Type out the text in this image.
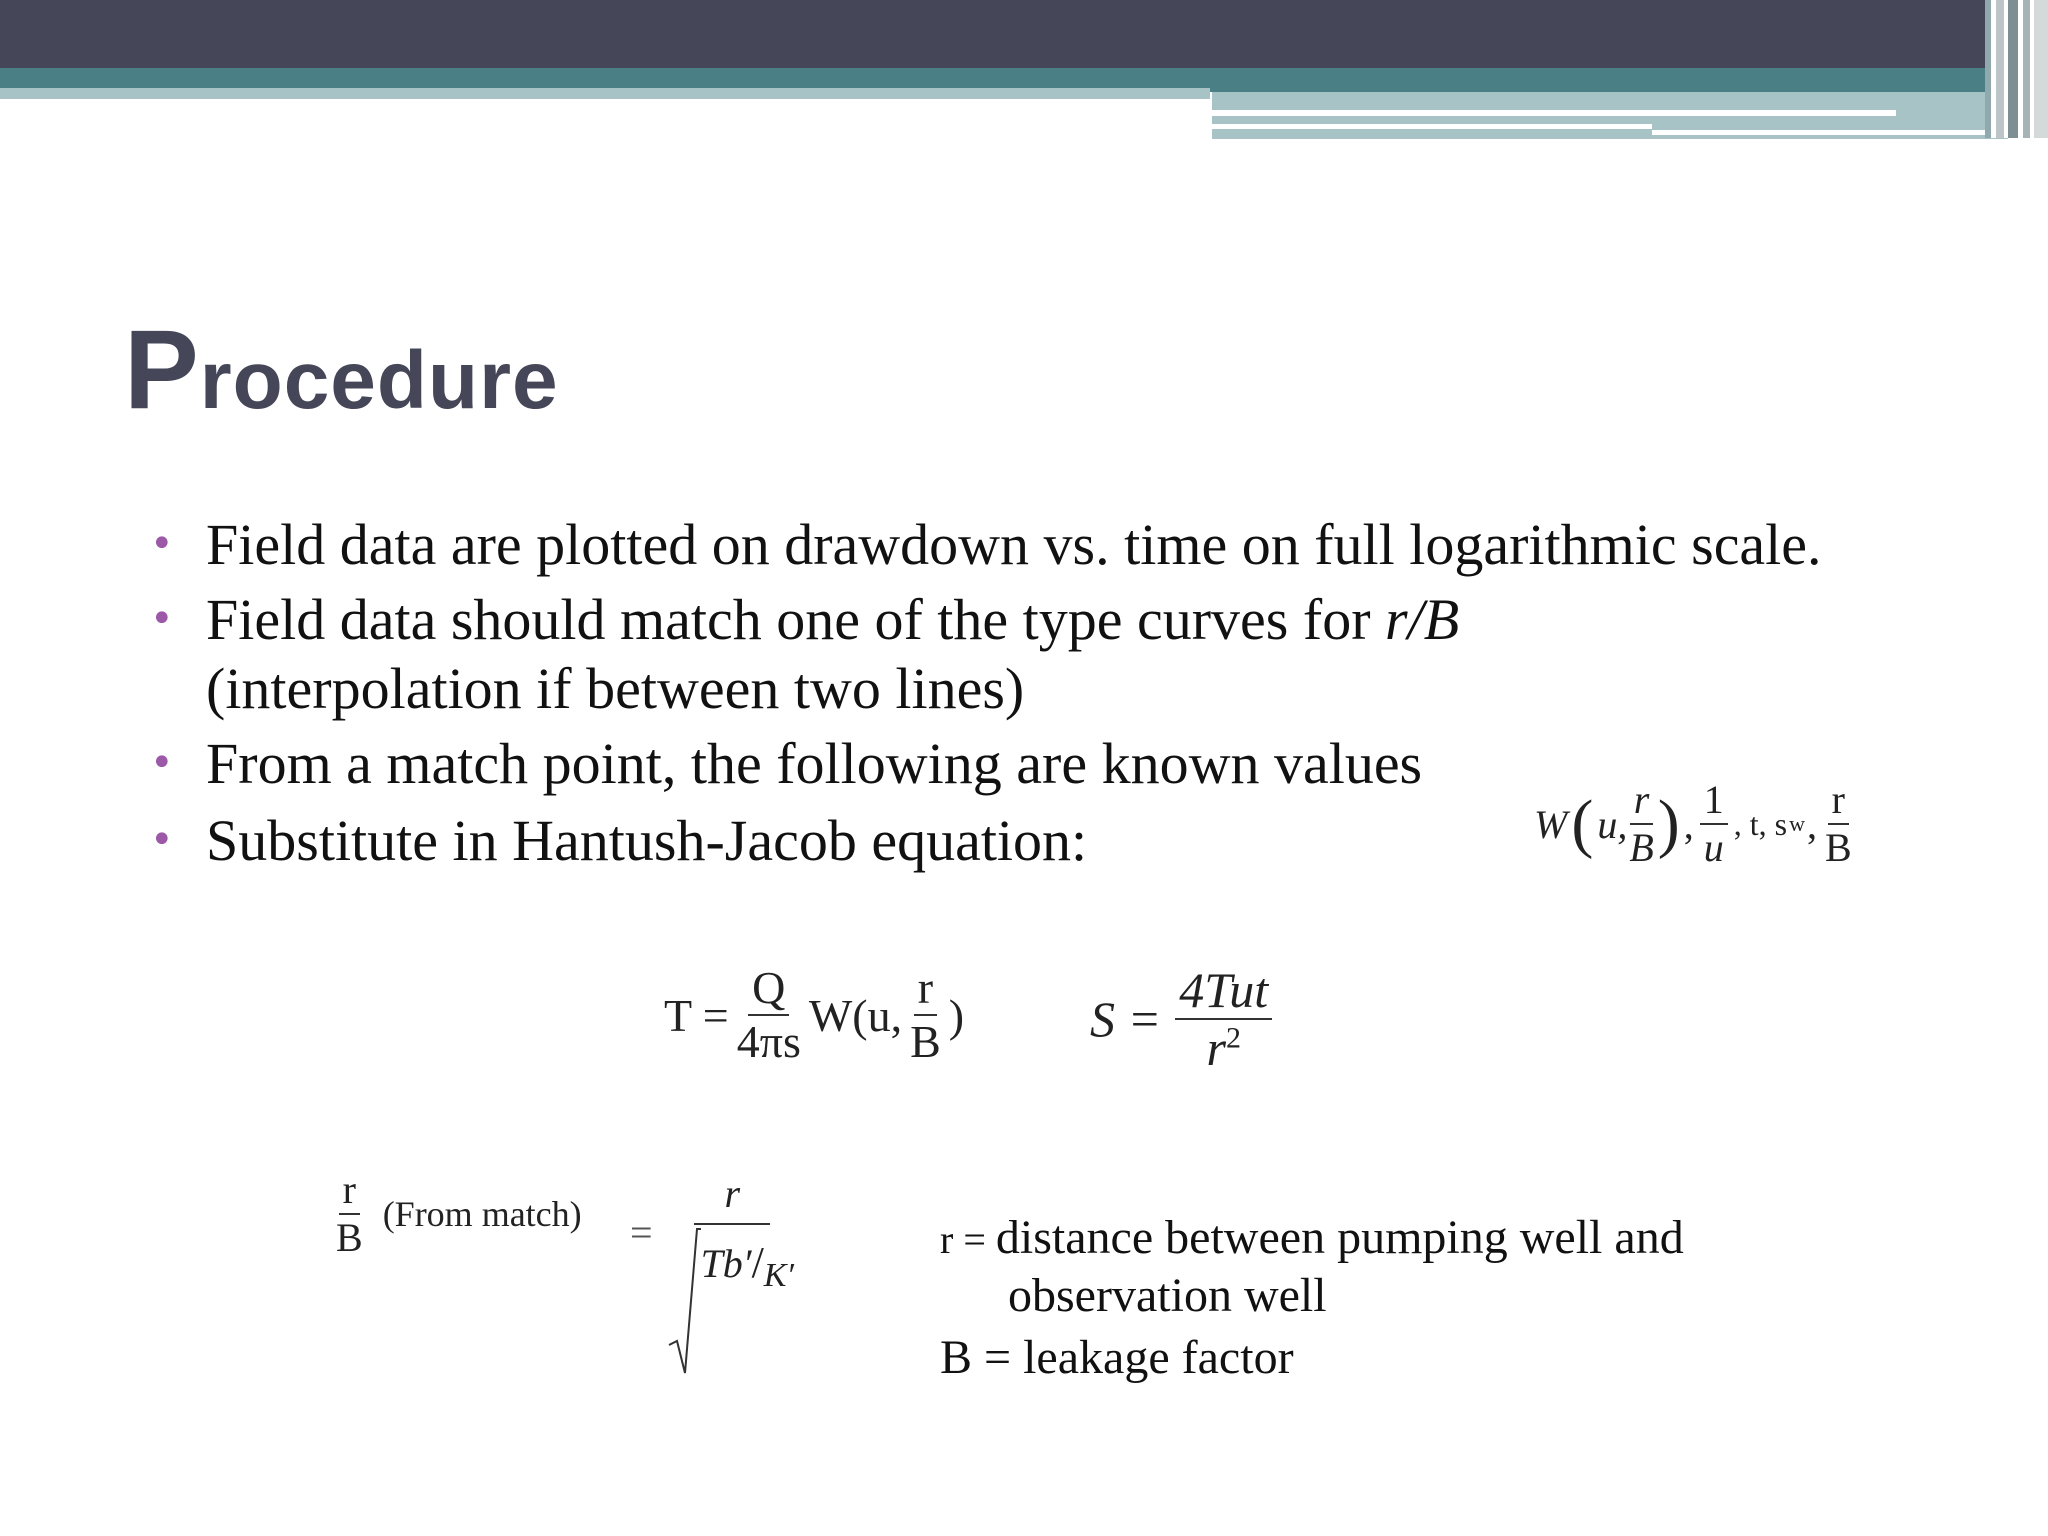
Procedure
• Field data are plotted on drawdown vs. time on full logarithmic scale.
• Field data should match one of the type curves for r/B
(interpolation if between two lines)
• From a match point, the following are known values
• Substitute in Hantush-Jacob equation:	W ( u, $\frac{r}{B}$ ) , $\frac{1}{u}$ , t, s w , $\frac{r}{B}$
$T = \frac{Q}{4\pi s} W(u$, $\frac{r}{B}$ )	$S = \frac{\text{4Tut}}{r^2}$
$\frac{r}{B}$ (From match) = $\frac{r}{Tb'/_{K'}}$	r = distance between pumping well and
observation well
B = leakage factor
